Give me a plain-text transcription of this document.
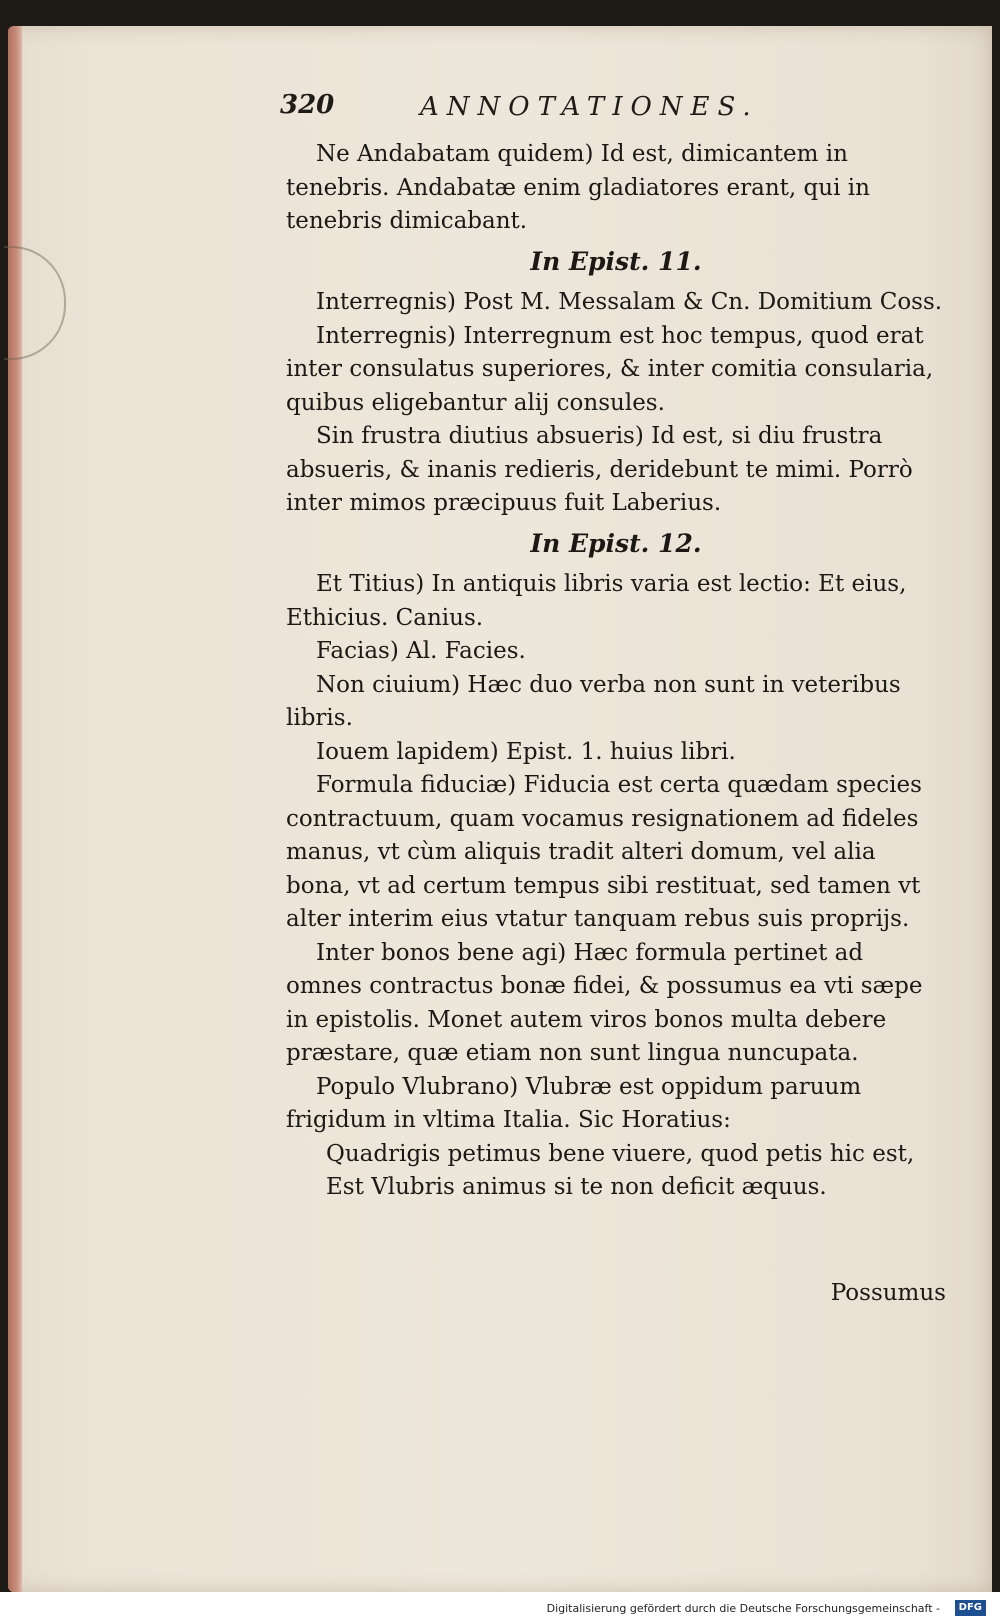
320	ANNOTATIONES.

Ne Andabatam quidem) Id est, dimicantem in tenebris. Andabatæ enim gladiatores erant, qui in tenebris dimicabant.

In Epist. 11.

Interregnis) Post M. Messalam & Cn. Domitium Coss.

Interregnis) Interregnum est hoc tempus, quod erat inter consulatus superiores, & inter comitia consularia, quibus eligebantur alij consules.

Sin frustra diutius absueris) Id est, si diu frustra absueris, & inanis redieris, deridebunt te mimi. Porrò inter mimos præcipuus fuit Laberius.

In Epist. 12.

Et Titius) In antiquis libris varia est lectio: Et eius, Ethicius. Canius.

Facias) Al. Facies.

Non ciuium) Hæc duo verba non sunt in veteribus libris.

Iouem lapidem) Epist. 1. huius libri.

Formula fiduciæ) Fiducia est certa quædam species contractuum, quam vocamus resignationem ad fideles manus, vt cùm aliquis tradit alteri domum, vel alia bona, vt ad certum tempus sibi restituat, sed tamen vt alter interim eius vtatur tanquam rebus suis proprijs.

Inter bonos bene agi) Hæc formula pertinet ad omnes contractus bonæ fidei, & possumus ea vti sæpe in epistolis. Monet autem viros bonos multa debere præstare, quæ etiam non sunt lingua nuncupata.

Populo Vlubrano) Vlubræ est oppidum paruum frigidum in vltima Italia. Sic Horatius:

Quadrigis petimus bene viuere, quod petis hic est,

Est Vlubris animus si te non deficit æquus.

Possumus
Digitalisierung gefördert durch die Deutsche Forschungsgemeinschaft -	DFG
